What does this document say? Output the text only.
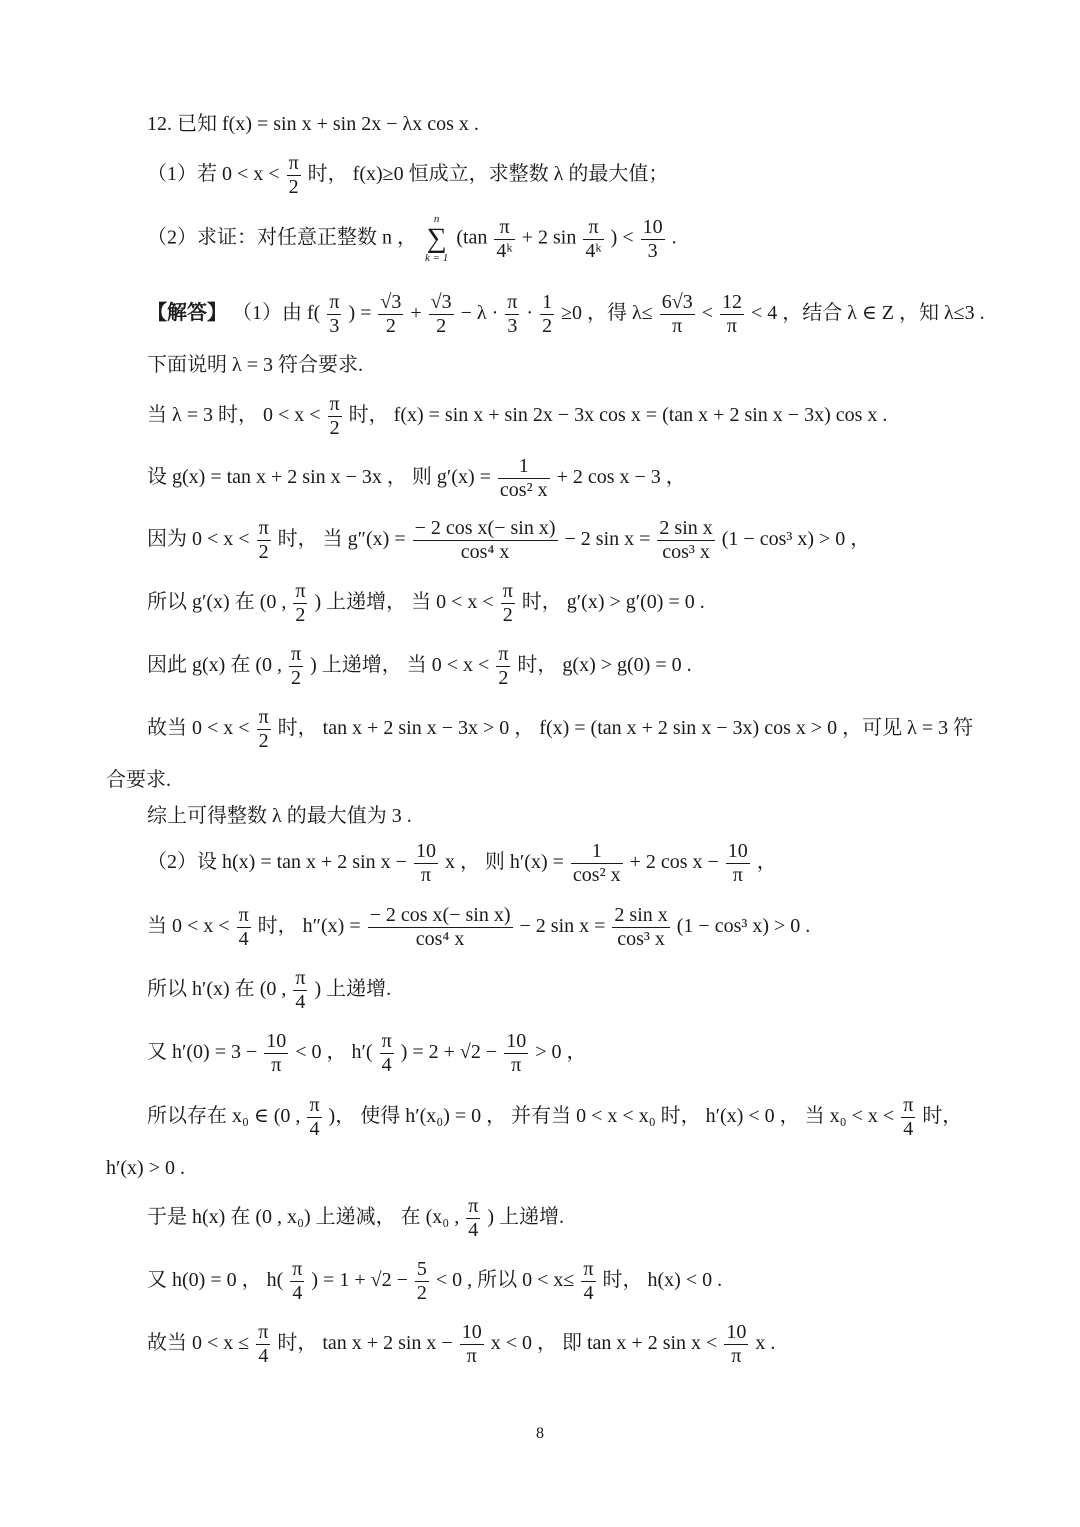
12. 已知 f(x) = sin x + sin 2x − λx cos x .
（1）若 $0 < x < \frac{\pi}{2}$ 时， f(x)≥0 恒成立，求整数 λ 的最大值；
（2）求证：对任意正整数 n ， n
∑
k = 1 ($\tan \frac{\pi}{\text{4ᵏ}} + 2$ $\sin \frac{\pi}{\text{4ᵏ}}$ ) < $\frac{10}{3}$ .
【解答】 （1）由 $f( \frac{\pi}{3}$ ) = $\frac{√3}{2} + \frac{√3}{2} - \lambda \cdot \frac{\pi}{3} \cdot \frac{1}{2} \ge 0$ ，得 $\lambda\le \frac{6√3}{\pi} < \frac{12}{\pi} < 4$ ，结合 λ ∈ Z ，知 λ≤3 .
下面说明 λ = 3 符合要求.
当 λ = 3 时， $0 < x < \frac{\pi}{2}$ 时， f(x) = sin x + sin 2x − 3x cos x = (tan x + 2 sin x − 3x) cos x .
设 g(x) = tan x + 2 sin x − 3x ， 则 $g'(x) = \frac{1}{\text{cos² x}} + 2$ cos x − 3 ，
因为 $0 < x < \frac{\pi}{2}$ 时， 当 $g''(x) = \frac{\text{− 2 cos x(− sin x)}}{\text{cos⁴ x}} - 2$ $\sin x = \frac{\text{2 sin x}}{\text{cos³ x}} (1 - \cos^3$ x) > 0 ，
所以 g′(x) 在 (0 , $\frac{\pi}{2}$ ) 上递增， 当 $0 < x < \frac{\pi}{2}$ 时， g′(x) > g′(0) = 0 .
因此 g(x) 在 (0 , $\frac{\pi}{2}$ ) 上递增， 当 $0 < x < \frac{\pi}{2}$ 时， g(x) > g(0) = 0 .
故当 $0 < x < \frac{\pi}{2}$ 时， tan x + 2 sin x − 3x > 0 ， f(x) = (tan x + 2 sin x − 3x) cos x > 0 ，可见 λ = 3 符
合要求.
综上可得整数 λ 的最大值为 3 .
（2）设 h(x) = tan x + 2 $\sin x - \frac{10}{\pi}$ x ， 则 $h'(x) = \frac{1}{\text{cos² x}} + 2$ $\cos x - \frac{10}{\pi}$ ，
当 $0 < x < \frac{\pi}{4}$ 时， $h''(x) = \frac{\text{− 2 cos x(− sin x)}}{\text{cos⁴ x}} - 2$ $\sin x = \frac{\text{2 sin x}}{\text{cos³ x}} (1 - \cos^3$ x) > 0 .
所以 h′(x) 在 (0 , $\frac{\pi}{4}$ ) 上递增.
又 $h'(0) = 3 - \frac{10}{\pi} < 0$ ， $h'( \frac{\pi}{4}$ ) = $2 + √2 - \frac{10}{\pi} > 0$ ，
所以存在 x₀ ∈ (0 , $\frac{\pi}{4}$ )， 使得 h′(x₀) = 0 ， 并有当 0 < x < x₀ 时， h′(x) < 0 ， 当 $x_0 < x < \frac{\pi}{4}$ 时，
h′(x) > 0 .
于是 h(x) 在 (0 , x₀) 上递减， 在 (x₀ , $\frac{\pi}{4}$ ) 上递增.
又 h(0) = 0 ， $h( \frac{\pi}{4}$ ) = $1 + √2 - \frac{5}{2} < 0$ , 所以 $0 < x\le \frac{\pi}{4}$ 时， h(x) < 0 .
故当 $0 < x \le \frac{\pi}{4}$ 时， tan x + 2 $\sin x - \frac{10}{\pi}$ x < 0 ， 即 tan x + 2 $\sin x < \frac{10}{\pi}$ x .
8
